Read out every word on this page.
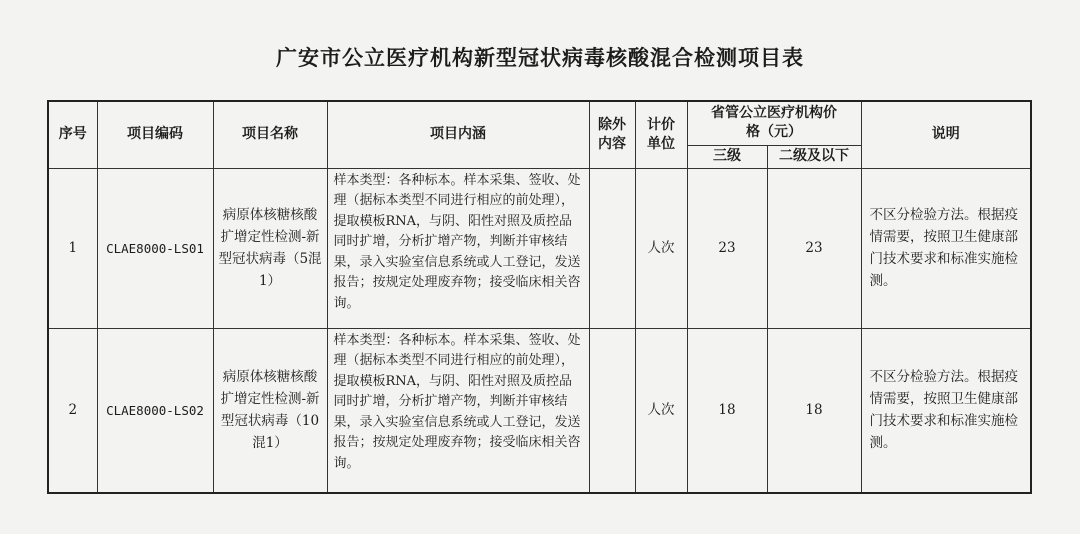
广安市公立医疗机构新型冠状病毒核酸混合检测项目表
序号	项目编码	项目名称	项目内涵	除外内容	计价单位	省管公立医疗机构价格（元）		说明
						三级	二级及以下	
1	CLAE8000-LS01	病原体核糖核酸扩增定性检测-新型冠状病毒（5混1）	样本类型：各种标本。样本采集、签收、处理（据标本类型不同进行相应的前处理），提取模板RNA，与阴、阳性对照及质控品同时扩增，分析扩增产物，判断并审核结果，录入实验室信息系统或人工登记，发送报告；按规定处理废弃物；接受临床相关咨询。		人次	23	23	不区分检验方法。根据疫情需要，按照卫生健康部门技术要求和标准实施检测。
2	CLAE8000-LS02	病原体核糖核酸扩增定性检测-新型冠状病毒（10混1）	样本类型：各种标本。样本采集、签收、处理（据标本类型不同进行相应的前处理），提取模板RNA，与阴、阳性对照及质控品同时扩增，分析扩增产物，判断并审核结果，录入实验室信息系统或人工登记，发送报告；按规定处理废弃物；接受临床相关咨询。		人次	18	18	不区分检验方法。根据疫情需要，按照卫生健康部门技术要求和标准实施检测。
